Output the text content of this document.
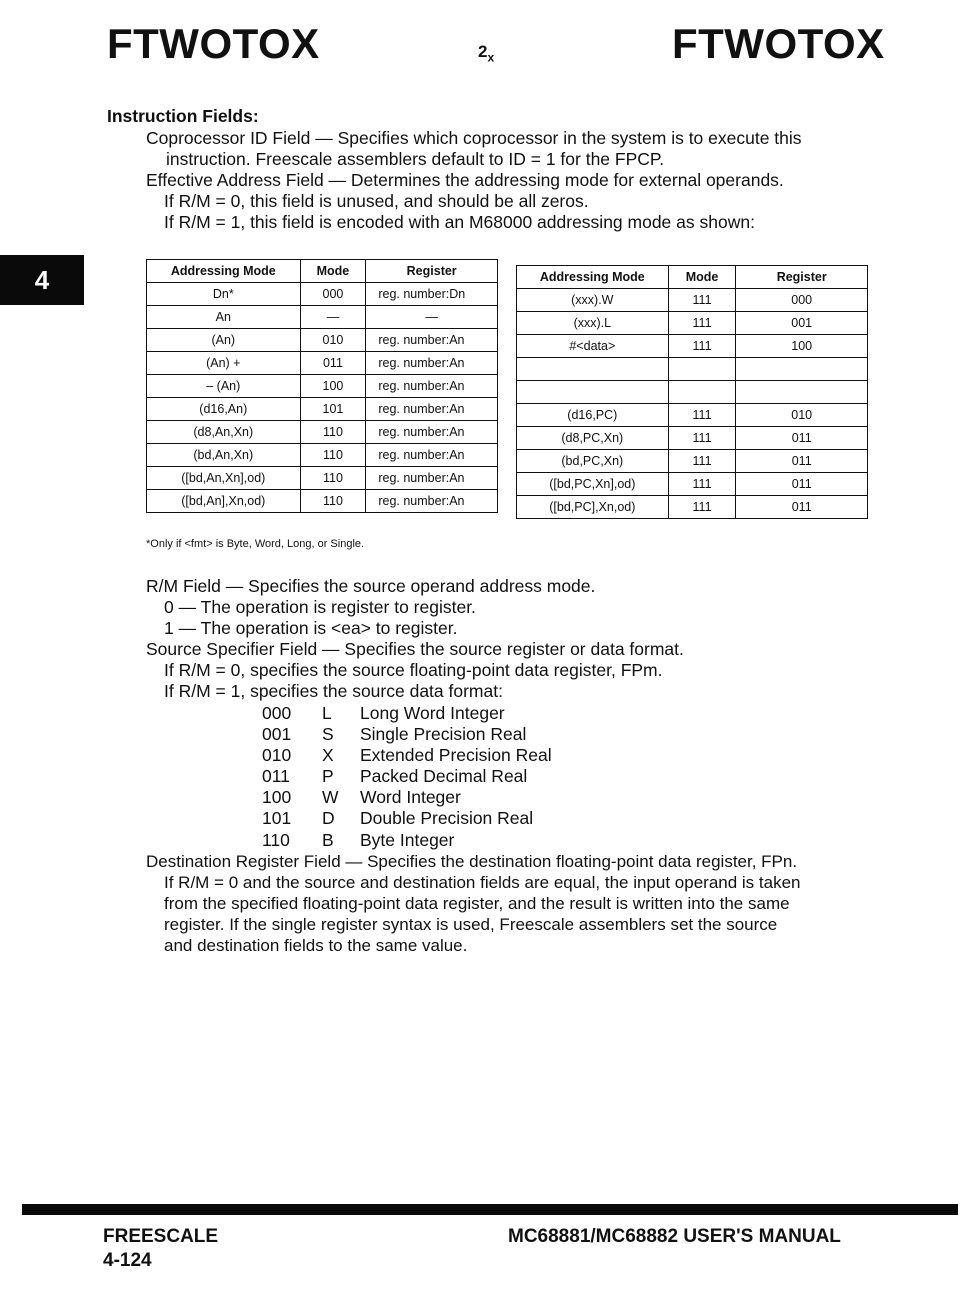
FTWOTOX	$2_x$	FTWOTOX
4
Instruction Fields:
Coprocessor ID Field — Specifies which coprocessor in the system is to execute this
instruction. Freescale assemblers default to ID = 1 for the FPCP.
Effective Address Field — Determines the addressing mode for external operands.
If R/M = 0, this field is unused, and should be all zeros.
If R/M = 1, this field is encoded with an M68000 addressing mode as shown:
Addressing Mode	Mode	Register
Dn*	000	reg. number:Dn
An	—	—
(An)	010	reg. number:An
(An) +	011	reg. number:An
– (An)	100	reg. number:An
(d16,An)	101	reg. number:An
(d8,An,Xn)	110	reg. number:An
(bd,An,Xn)	110	reg. number:An
([bd,An,Xn],od)	110	reg. number:An
([bd,An],Xn,od)	110	reg. number:An
Addressing Mode	Mode	Register
(xxx).W	111	000
(xxx).L	111	001
#<data>	111	100

(d16,PC)	111	010
(d8,PC,Xn)	111	011
(bd,PC,Xn)	111	011
([bd,PC,Xn],od)	111	011
([bd,PC],Xn,od)	111	011
*Only if <fmt> is Byte, Word, Long, or Single.
R/M Field — Specifies the source operand address mode.
0 — The operation is register to register.
1 — The operation is <ea> to register.
Source Specifier Field — Specifies the source register or data format.
If R/M = 0, specifies the source floating-point data register, FPm.
If R/M = 1, specifies the source data format:
000 L Long Word Integer
001 S Single Precision Real
010 X Extended Precision Real
011 P Packed Decimal Real
100 W Word Integer
101 D Double Precision Real
110 B Byte Integer
Destination Register Field — Specifies the destination floating-point data register, FPn.
If R/M = 0 and the source and destination fields are equal, the input operand is taken
from the specified floating-point data register, and the result is written into the same
register. If the single register syntax is used, Freescale assemblers set the source
and destination fields to the same value.
FREESCALE
4-124
MC68881/MC68882 USER'S MANUAL
